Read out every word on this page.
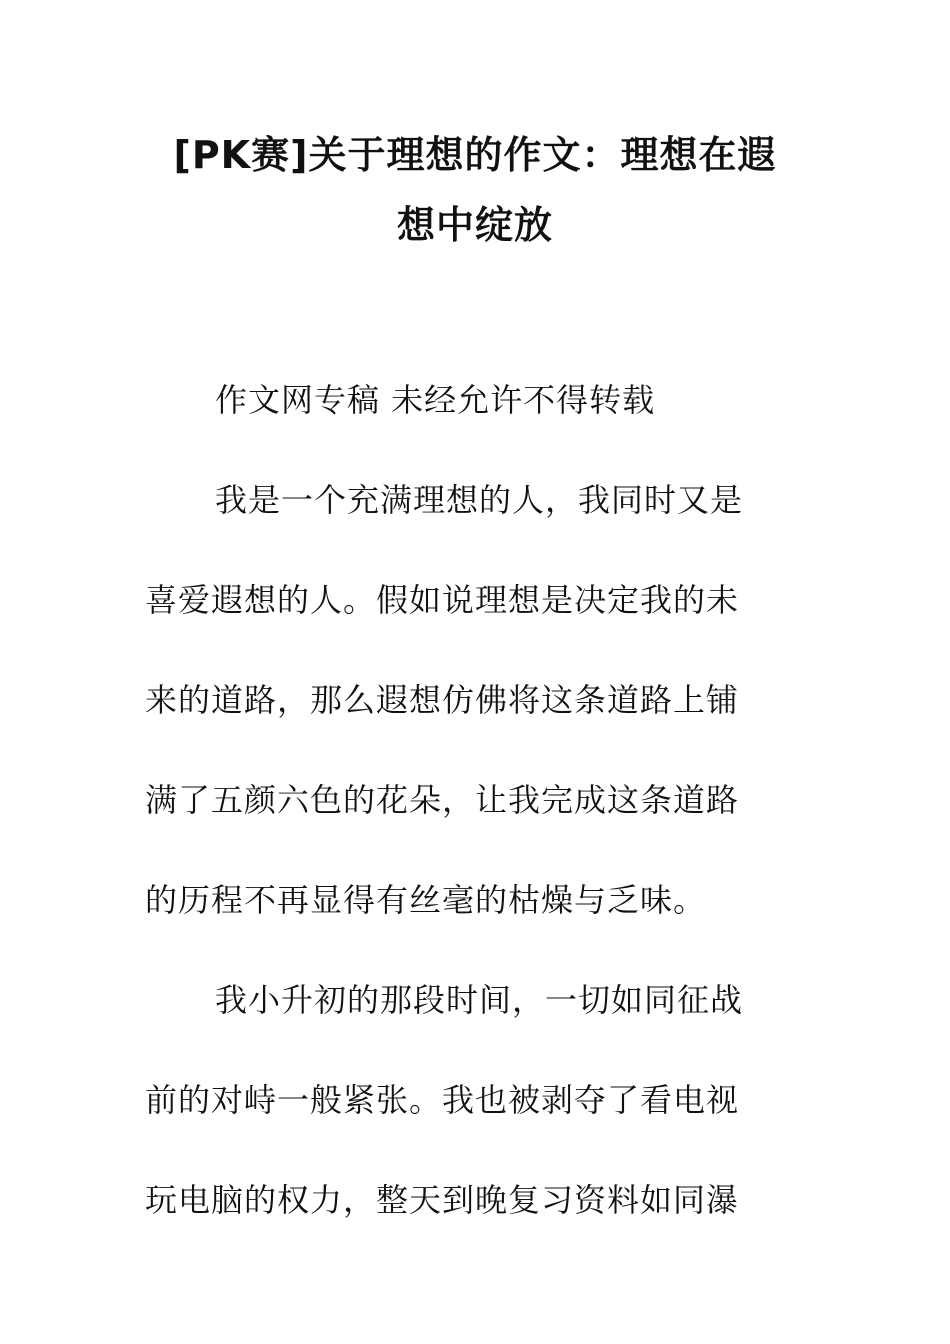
[PK赛]关于理想的作文：理想在遐
想中绽放
作文网专稿 未经允许不得转载
我是一个充满理想的人，我同时又是
喜爱遐想的人。假如说理想是决定我的未
来的道路，那么遐想仿佛将这条道路上铺
满了五颜六色的花朵，让我完成这条道路
的历程不再显得有丝毫的枯燥与乏味。
我小升初的那段时间，一切如同征战
前的对峙一般紧张。我也被剥夺了看电视
玩电脑的权力，整天到晚复习资料如同瀑
